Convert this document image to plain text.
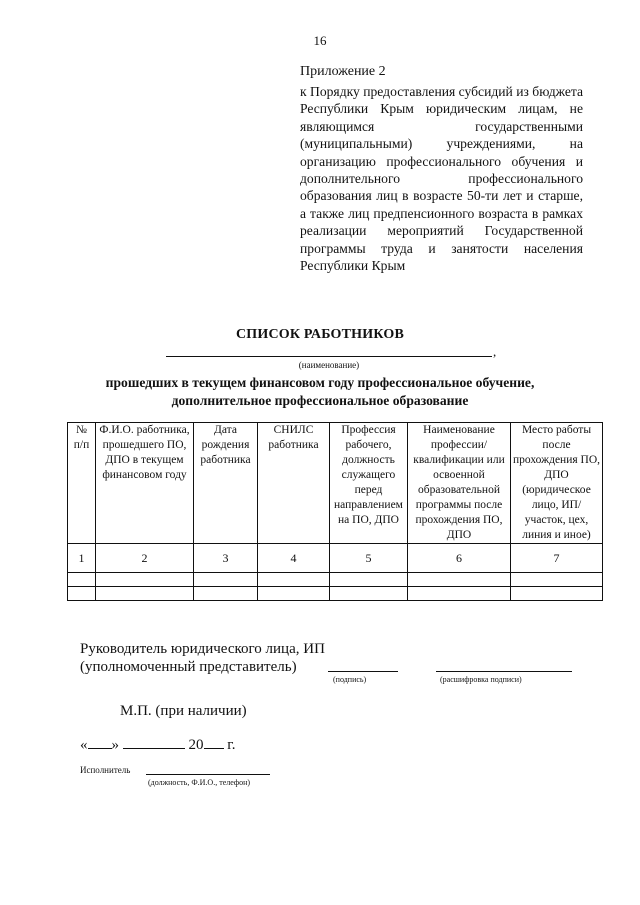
16
Приложение 2
к Порядку предоставления субсидий из бюджета Республики Крым юридическим лицам, не являющимся государственными (муниципальными) учреждениями, на организацию профессионального обучения и дополнительного профессионального образования лиц в возрасте 50-ти лет и старше, а также лиц предпенсионного возраста в рамках реализации мероприятий Государственной программы труда и занятости населения Республики Крым
СПИСОК РАБОТНИКОВ
,
(наименование)
прошедших в текущем финансовом году профессиональное обучение,
дополнительное профессиональное образование
№ п/п	Ф.И.О. работника, прошедшего ПО, ДПО в текущем финансовом году	Дата рождения работника	СНИЛС работника	Профессия рабочего, должность служащего перед направлением на ПО, ДПО	Наименование профессии/ квалификации или освоенной образовательной программы после прохождения ПО, ДПО	Место работы после прохождения ПО, ДПО (юридическое лицо, ИП/ участок, цех, линия и иное)
1	2	3	4	5	6	7

Руководитель юридического лица, ИП
(уполномоченный представитель)
(подпись)	(расшифровка подписи)
М.П. (при наличии)
« »	20 г.
Исполнитель
(должность, Ф.И.О., телефон)
